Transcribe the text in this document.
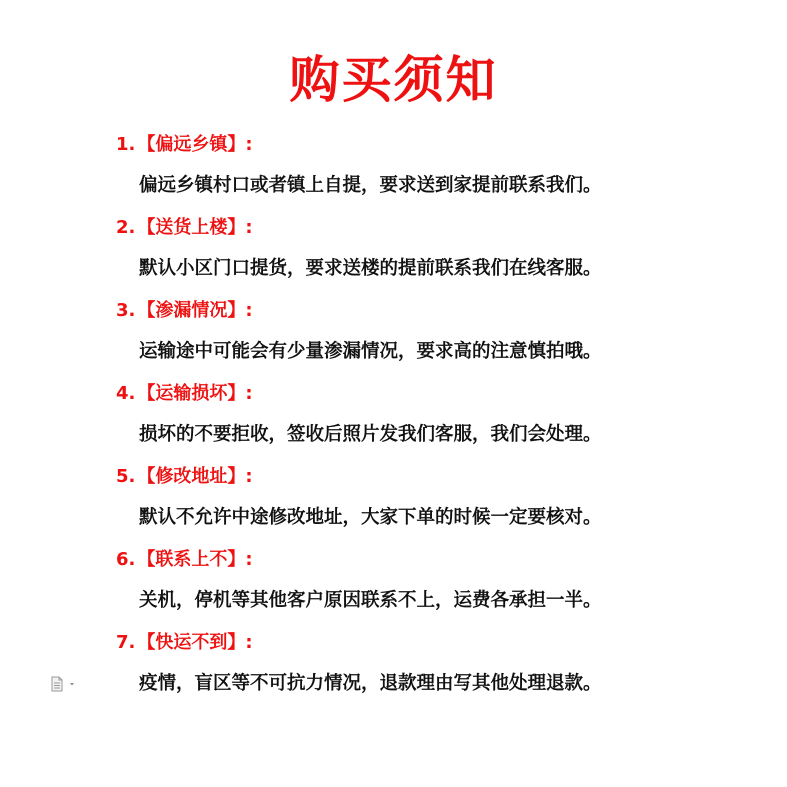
购买须知
1. 【偏远乡镇】:
偏远乡镇村口或者镇上自提，要求送到家提前联系我们。
2. 【送货上楼】:
默认小区门口提货，要求送楼的提前联系我们在线客服。
3. 【渗漏情况】:
运输途中可能会有少量渗漏情况，要求高的注意慎拍哦。
4. 【运输损坏】:
损坏的不要拒收，签收后照片发我们客服，我们会处理。
5. 【修改地址】:
默认不允许中途修改地址，大家下单的时候一定要核对。
6. 【联系上不】:
关机，停机等其他客户原因联系不上，运费各承担一半。
7. 【快运不到】:
疫情，盲区等不可抗力情况，退款理由写其他处理退款。
